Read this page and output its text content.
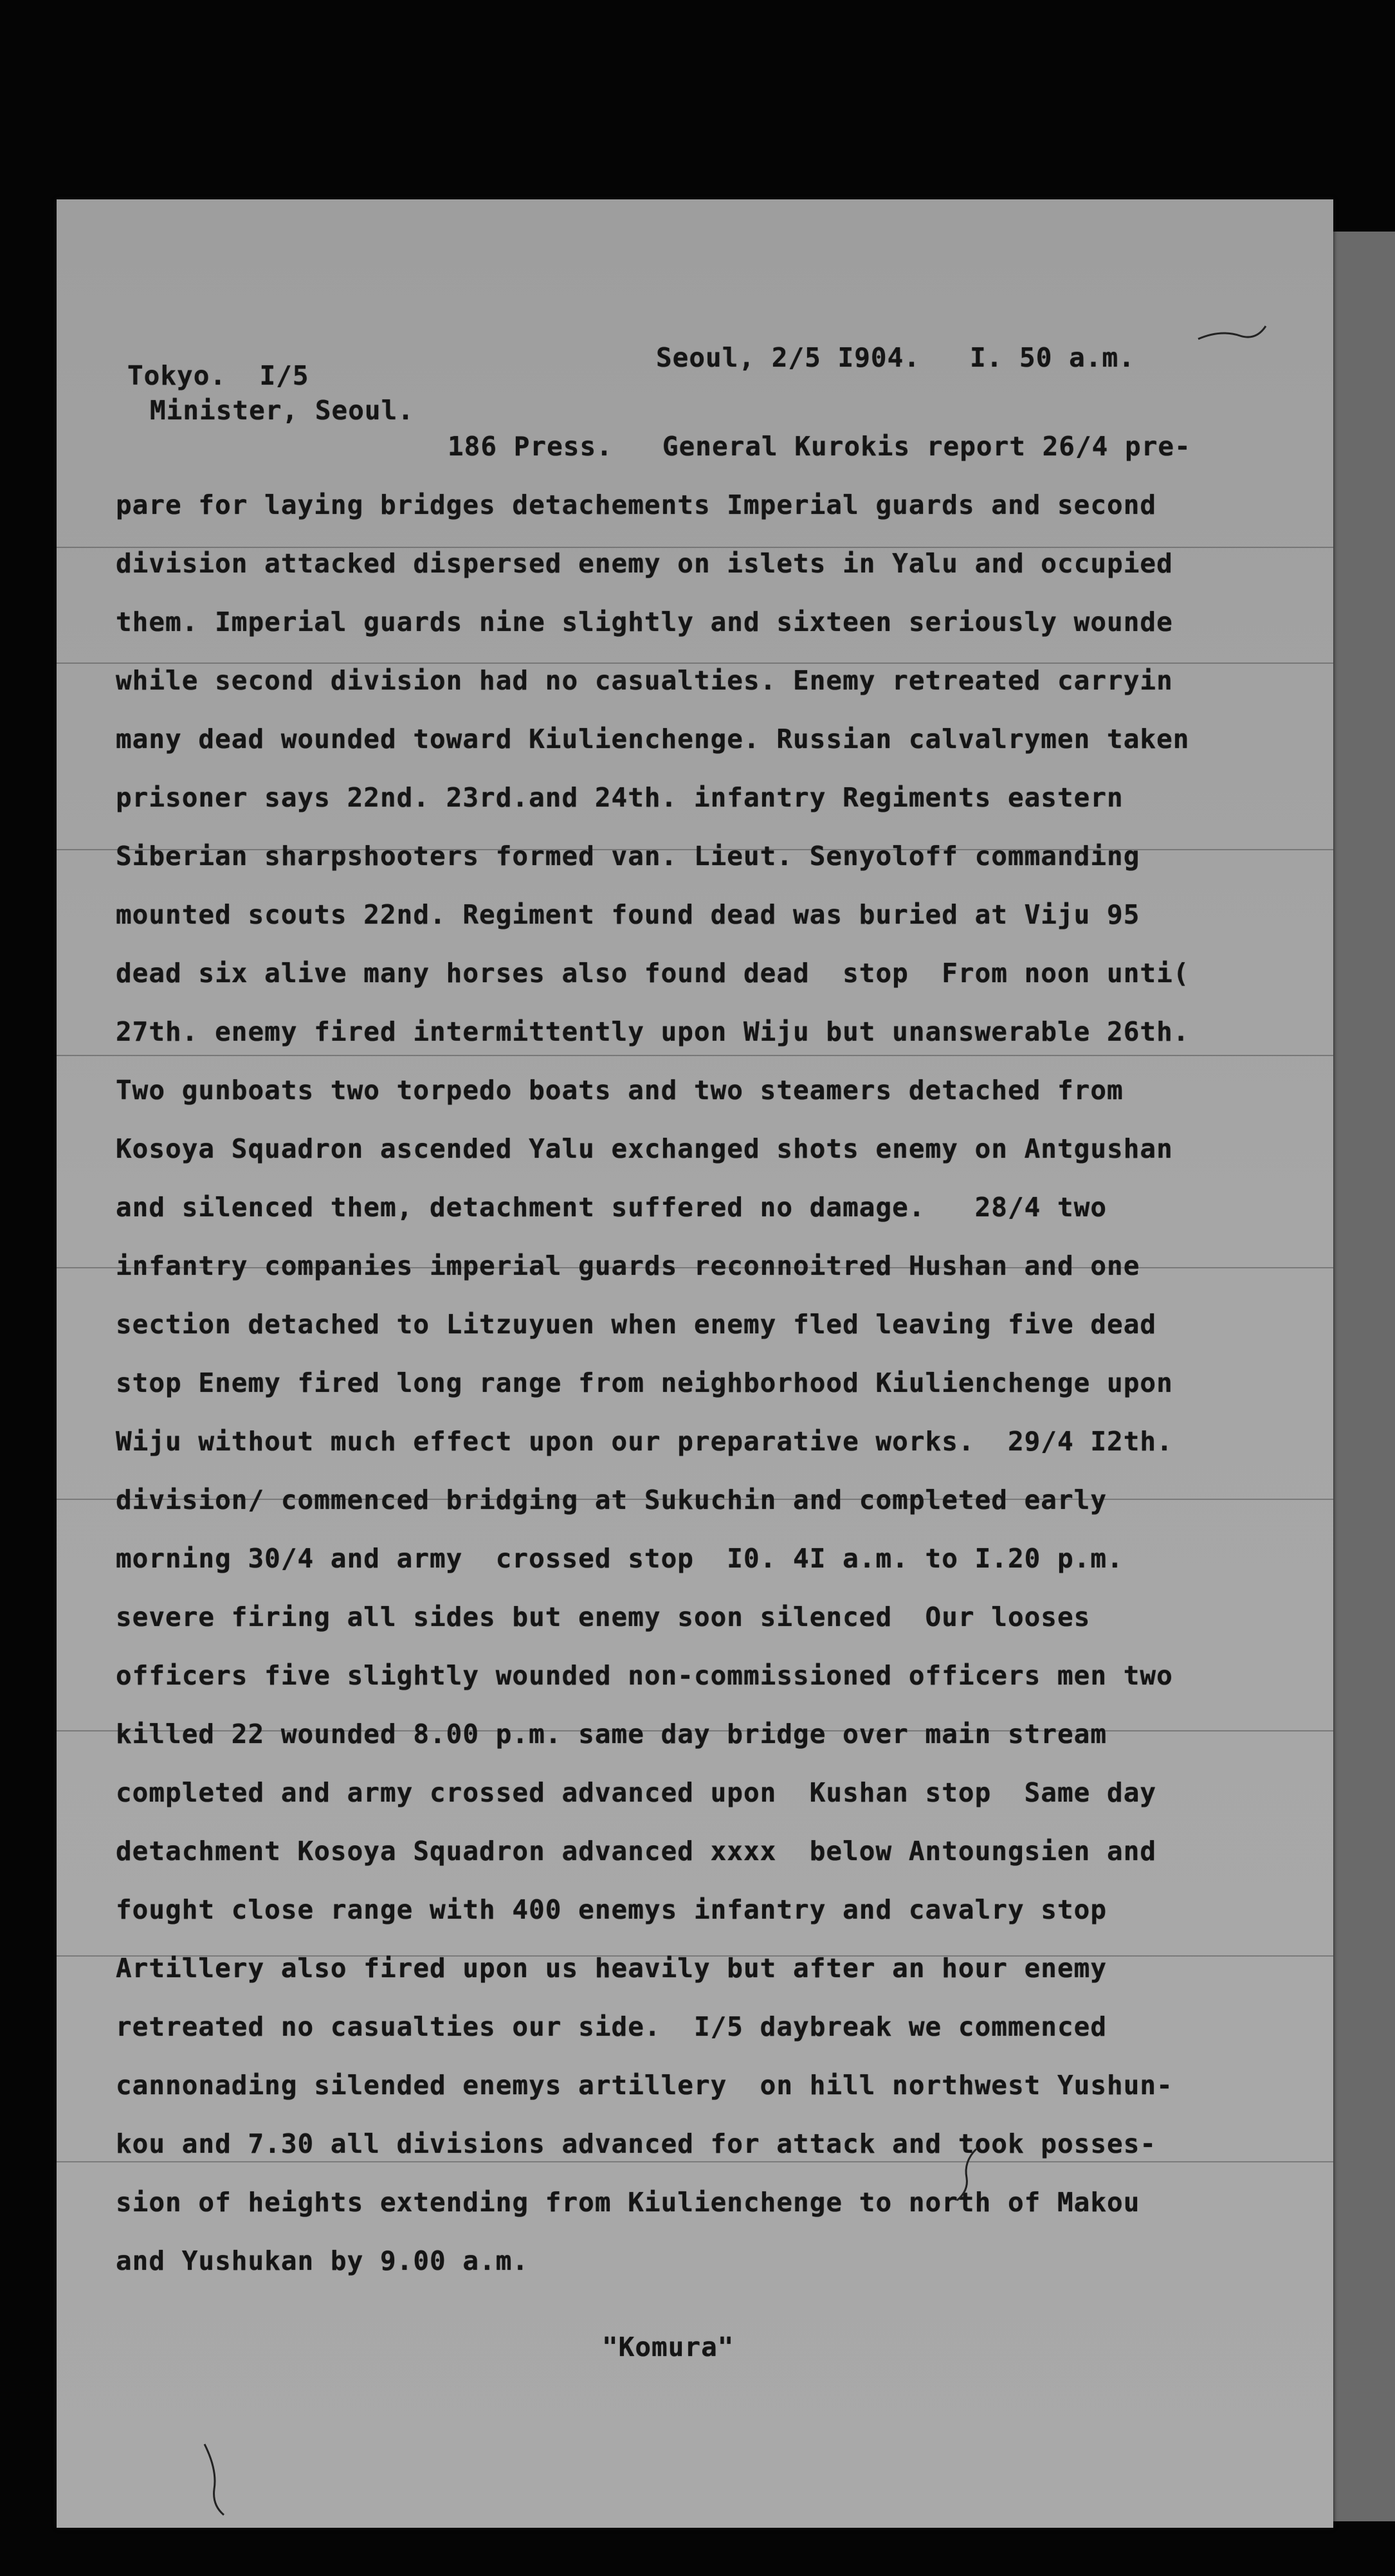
Seoul, 2/5 I904.   I. 50 a.m.
Tokyo.  I/5
Minister, Seoul.
186 Press.   General Kurokis report 26/4 pre-
pare for laying bridges detachements Imperial guards and second
division attacked dispersed enemy on islets in Yalu and occupied
them. Imperial guards nine slightly and sixteen seriously wounde
while second division had no casualties. Enemy retreated carryin
many dead wounded toward Kiulienchenge. Russian calvalrymen taken
prisoner says 22nd. 23rd.and 24th. infantry Regiments eastern
Siberian sharpshooters formed van. Lieut. Senyoloff commanding
mounted scouts 22nd. Regiment found dead was buried at Viju 95
dead six alive many horses also found dead  stop  From noon unti(
27th. enemy fired intermittently upon Wiju but unanswerable 26th.
Two gunboats two torpedo boats and two steamers detached from
Kosoya Squadron ascended Yalu exchanged shots enemy on Antgushan
and silenced them, detachment suffered no damage.   28/4 two
infantry companies imperial guards reconnoitred Hushan and one
section detached to Litzuyuen when enemy fled leaving five dead
stop Enemy fired long range from neighborhood Kiulienchenge upon
Wiju without much effect upon our preparative works.  29/4 I2th.
division/ commenced bridging at Sukuchin and completed early
morning 30/4 and army  crossed stop  I0. 4I a.m. to I.20 p.m.
severe firing all sides but enemy soon silenced  Our looses
officers five slightly wounded non-commissioned officers men two
killed 22 wounded 8.00 p.m. same day bridge over main stream
completed and army crossed advanced upon  Kushan stop  Same day
detachment Kosoya Squadron advanced xxxx  below Antoungsien and
fought close range with 400 enemys infantry and cavalry stop
Artillery also fired upon us heavily but after an hour enemy
retreated no casualties our side.  I/5 daybreak we commenced
cannonading silended enemys artillery  on hill northwest Yushun-
kou and 7.30 all divisions advanced for attack and took posses-
sion of heights extending from Kiulienchenge to north of Makou
and Yushukan by 9.00 a.m.
"Komura"
